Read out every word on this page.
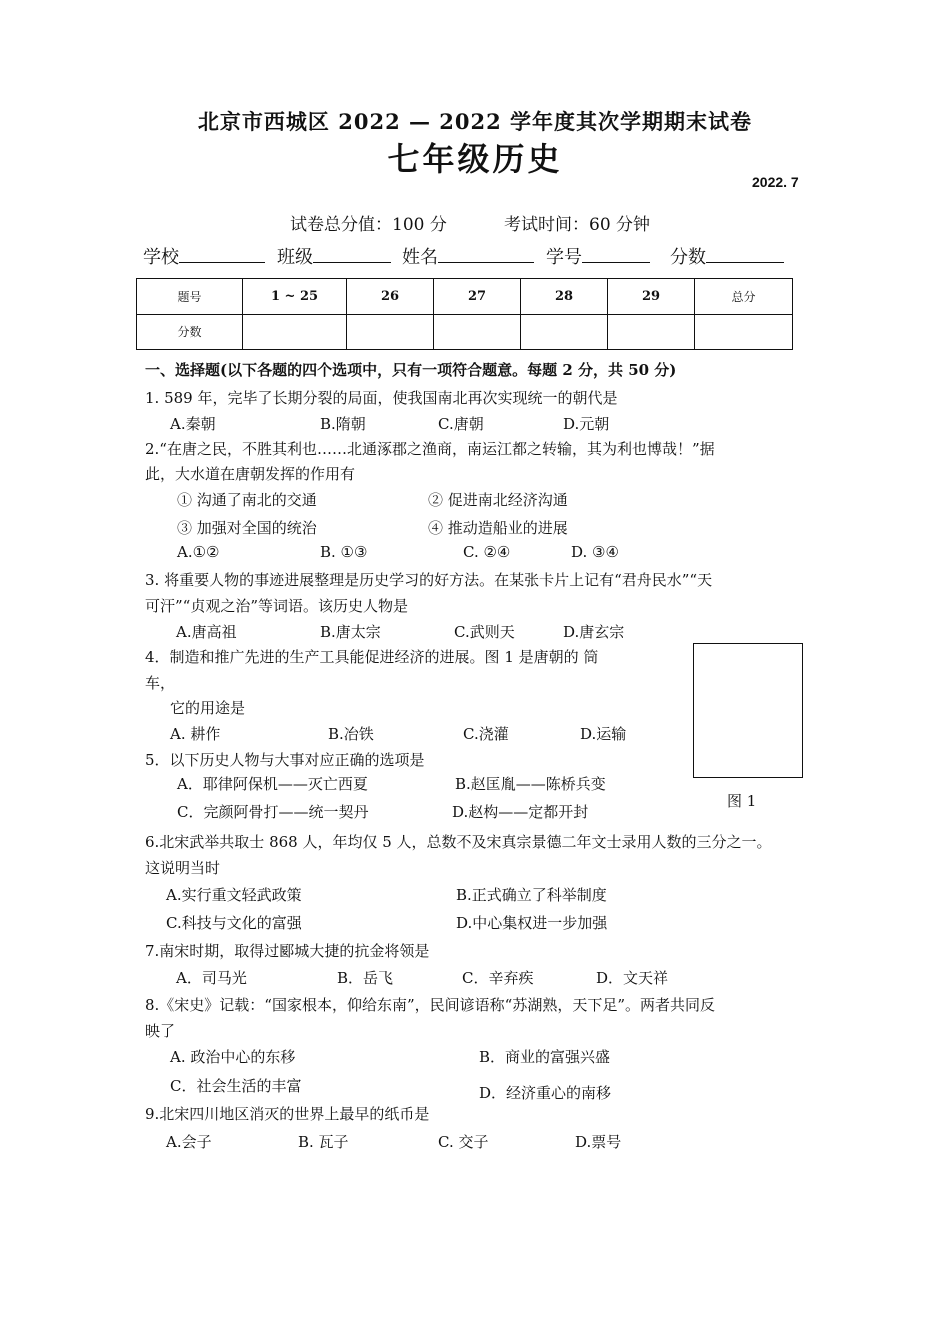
北京市西城区 2022 — 2022 学年度其次学期期末试卷
七年级历史
2022. 7
试卷总分值：100 分	考试时间：60 分钟
学校	班级	姓名	学号	分数
题号	1 ~ 25	26	27	28	29	总分
分数						
一、选择题(以下各题的四个选项中，只有一项符合题意。每题 2 分，共 50 分)
1. 589 年，完毕了长期分裂的局面，使我国南北再次实现统一的朝代是
A.秦朝	B.隋朝	C.唐朝	D.元朝
2.“在唐之民，不胜其利也……北通涿郡之渔商，南运江都之转输，其为利也博哉！”据
此，大水道在唐朝发挥的作用有
① 沟通了南北的交通	② 促进南北经济沟通
③ 加强对全国的统治	④ 推动造船业的进展
A.①②	B. ①③	C. ②④	D. ③④
3. 将重要人物的事迹进展整理是历史学习的好方法。在某张卡片上记有“君舟民水”“天
可汗”“贞观之治”等词语。该历史人物是
A.唐高祖	B.唐太宗	C.武则天	D.唐玄宗
4．制造和推广先进的生产工具能促进经济的进展。图 1 是唐朝的 筒
车，
它的用途是
A. 耕作	B.冶铁	C.浇灌	D.运输
图 1
5．以下历史人物与大事对应正确的选项是
A．耶律阿保机——灭亡西夏	B.赵匡胤——陈桥兵变
C．完颜阿骨打——统一契丹	D.赵构——定都开封
6.北宋武举共取士 868 人，年均仅 5 人，总数不及宋真宗景德二年文士录用人数的三分之一。
这说明当时
A.实行重文轻武政策	B.正式确立了科举制度
C.科技与文化的富强	D.中心集权进一步加强
7.南宋时期，取得过郾城大捷的抗金将领是
A．司马光	B．岳飞	C．辛弃疾	D．文天祥
8.《宋史》记载：“国家根本，仰给东南”，民间谚语称“苏湖熟，天下足”。两者共同反
映了
A. 政治中心的东移	B．商业的富强兴盛
C．社会生活的丰富	D．经济重心的南移
9.北宋四川地区消灭的世界上最早的纸币是
A.会子	B. 瓦子	C. 交子	D.票号
